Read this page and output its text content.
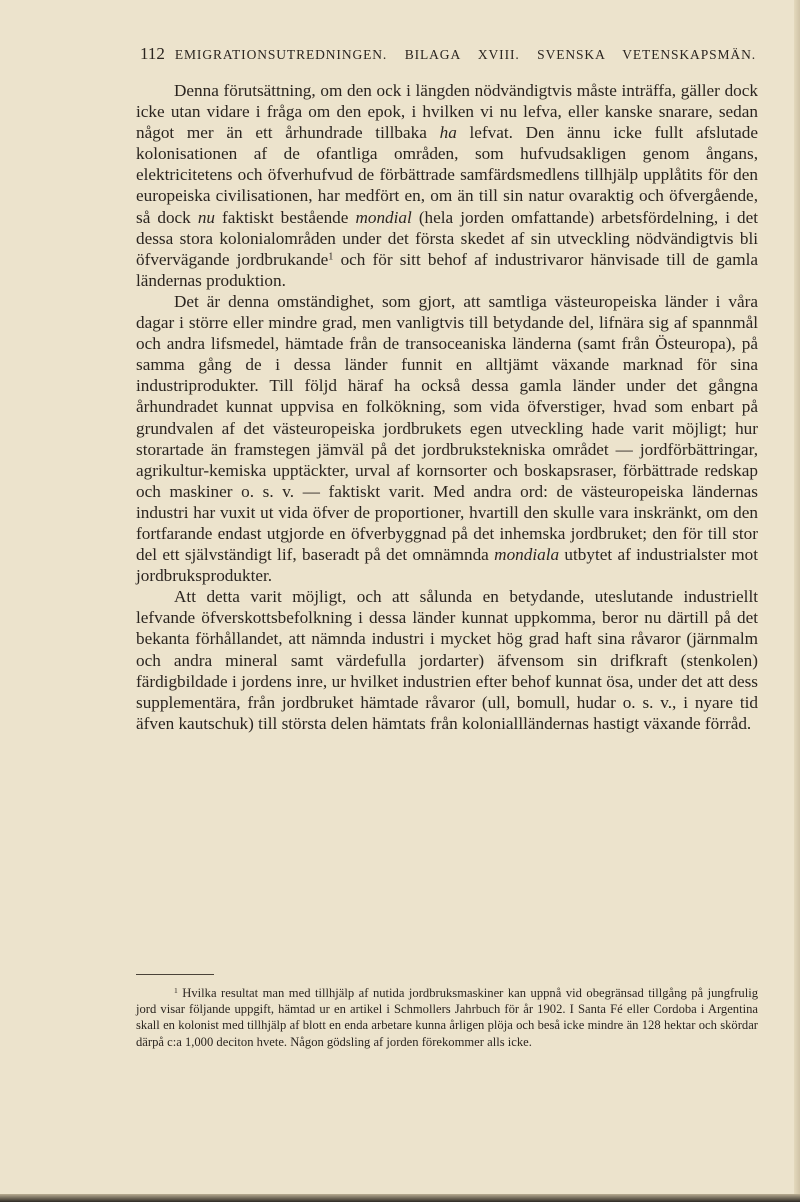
112 EMIGRATIONSUTREDNINGEN. BILAGA XVIII. SVENSKA VETENSKAPSMÄN.

Denna förutsättning, om den ock i längden nödvändigtvis måste inträffa, gäller dock icke utan vidare i fråga om den epok, i hvilken vi nu lefva, eller kanske snarare, sedan något mer än ett århundrade tillbaka ha lefvat. Den ännu icke fullt afslutade kolonisationen af de ofantliga områden, som hufvudsakligen genom ångans, elektricitetens och öfverhufvud de förbättrade samfärdsmedlens tillhjälp upplåtits för den europeiska civilisationen, har medfört en, om än till sin natur ovaraktig och öfvergående, så dock nu faktiskt bestående mondial (hela jorden omfattande) arbetsfördelning, i det dessa stora kolonialområden under det första skedet af sin utveckling nödvändigtvis bli öfvervägande jordbrukande$^1$ och för sitt behof af industrivaror hänvisade till de gamla ländernas produktion.

Det är denna omständighet, som gjort, att samtliga västeuropeiska länder i våra dagar i större eller mindre grad, men vanligtvis till betydande del, lifnära sig af spannmål och andra lifsmedel, hämtade från de transoceaniska länderna (samt från Östeuropa), på samma gång de i dessa länder funnit en alltjämt växande marknad för sina industriprodukter. Till följd häraf ha också dessa gamla länder under det gångna århundradet kunnat uppvisa en folkökning, som vida öfverstiger, hvad som enbart på grundvalen af det västeuropeiska jordbrukets egen utveckling hade varit möjligt; hur storartade än framstegen jämväl på det jordbrukstekniska området — jordförbättringar, agrikultur-kemiska upptäckter, urval af kornsorter och boskapsraser, förbättrade redskap och maskiner o. s. v. — faktiskt varit. Med andra ord: de västeuropeiska ländernas industri har vuxit ut vida öfver de proportioner, hvartill den skulle vara inskränkt, om den fortfarande endast utgjorde en öfverbyggnad på det inhemska jordbruket; den för till stor del ett självständigt lif, baseradt på det omnämnda mondiala utbytet af industrialster mot jordbruksprodukter.

Att detta varit möjligt, och att sålunda en betydande, uteslutande industriellt lefvande öfverskottsbefolkning i dessa länder kunnat uppkomma, beror nu därtill på det bekanta förhållandet, att nämnda industri i mycket hög grad haft sina råvaror (järnmalm och andra mineral samt värdefulla jordarter) äfvensom sin drifkraft (stenkolen) färdigbildade i jordens inre, ur hvilket industrien efter behof kunnat ösa, under det att dess supplementära, från jordbruket hämtade råvaror (ull, bomull, hudar o. s. v., i nyare tid äfven kautschuk) till största delen hämtats från koloniallländernas hastigt växande förråd.

$^1$ Hvilka resultat man med tillhjälp af nutida jordbruksmaskiner kan uppnå vid obegränsad tillgång på jungfrulig jord visar följande uppgift, hämtad ur en artikel i Schmollers Jahrbuch för år 1902. I Santa Fé eller Cordoba i Argentina skall en kolonist med tillhjälp af blott en enda arbetare kunna årligen plöja och beså icke mindre än 128 hektar och skördar därpå c:a 1,000 deciton hvete. Någon gödsling af jorden förekommer alls icke.
